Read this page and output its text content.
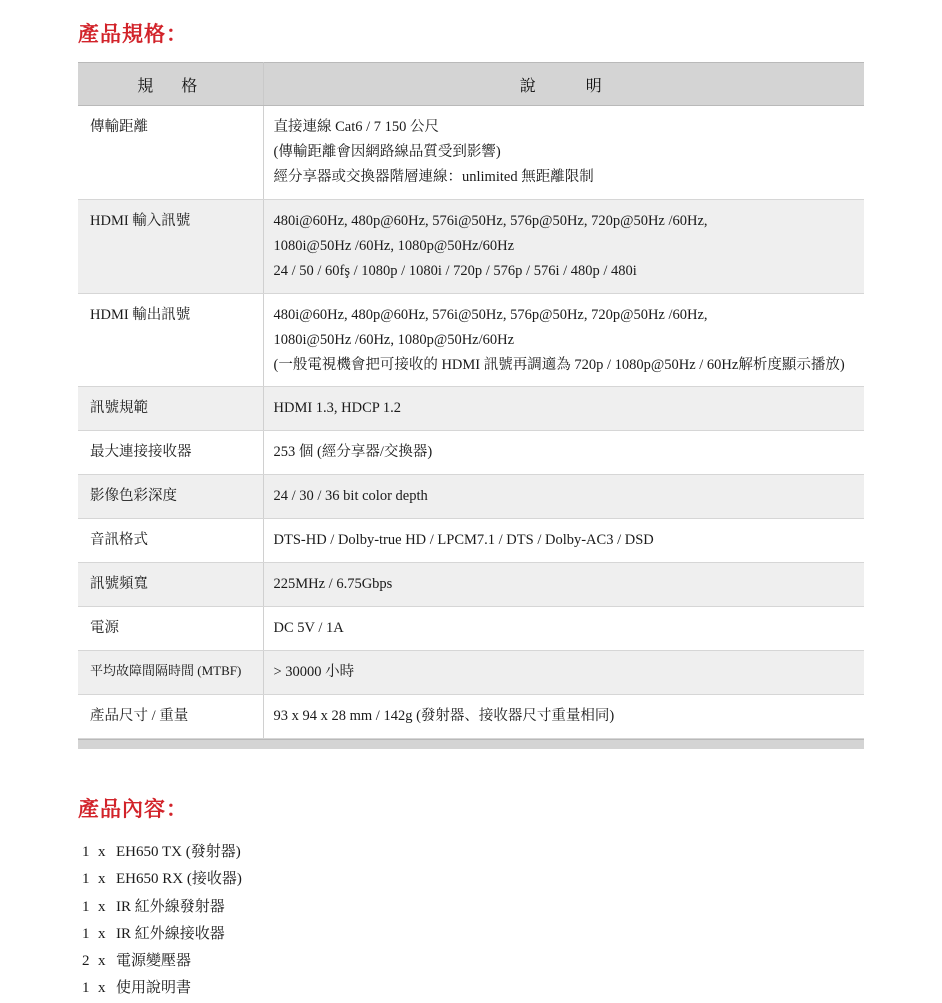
產品規格：
規　格	說　　明
傳輸距離	直接連線 Cat6 / 7 150 公尺
(傳輸距離會因網路線品質受到影響)
經分享器或交換器階層連線：unlimited 無距離限制

HDMI 輸入訊號	480i@60Hz, 480p@60Hz, 576i@50Hz, 576p@50Hz, 720p@50Hz /60Hz,
1080i@50Hz /60Hz, 1080p@50Hz/60Hz
24 / 50 / 60fş / 1080p / 1080i / 720p / 576p / 576i / 480p / 480i

HDMI 輸出訊號	480i@60Hz, 480p@60Hz, 576i@50Hz, 576p@50Hz, 720p@50Hz /60Hz,
1080i@50Hz /60Hz, 1080p@50Hz/60Hz
(一般電視機會把可接收的 HDMI 訊號再調適為 720p / 1080p@50Hz / 60Hz解析度顯示播放)

訊號規範	HDMI 1.3, HDCP 1.2

最大連接接收器	253 個 (經分享器/交換器)

影像色彩深度	24 / 30 / 36 bit color depth

音訊格式	DTS-HD / Dolby-true HD / LPCM7.1 / DTS / Dolby-AC3 / DSD

訊號頻寬	225MHz / 6.75Gbps

電源	DC 5V / 1A

平均故障間隔時間 (MTBF)	> 30000 小時

產品尺寸 / 重量	93 x 94 x 28 mm / 142g (發射器、接收器尺寸重量相同)
產品內容：
1 x EH650 TX (發射器)
1 x EH650 RX (接收器)
1 x IR 紅外線發射器
1 x IR 紅外線接收器
2 x 電源變壓器
1 x 使用說明書
